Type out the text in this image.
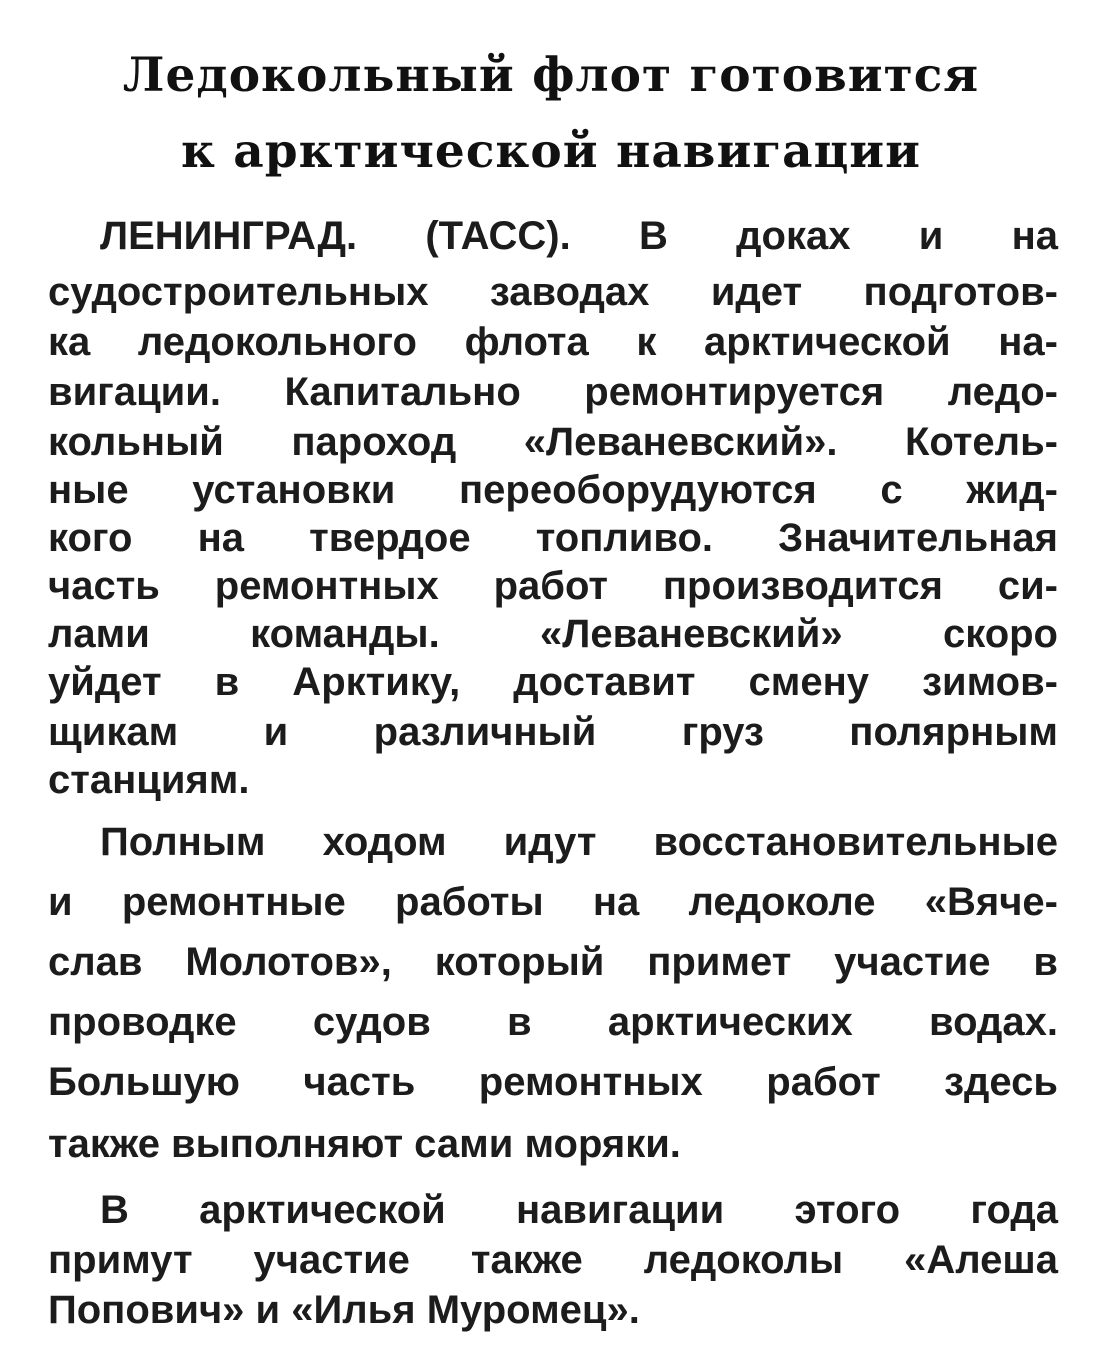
Ледокольный флот готовится
к арктической навигации
ЛЕНИНГРАД. (ТАСС). В доках и на
судостроительных заводах идет подготов-
ка ледокольного флота к арктической на-
вигации. Капитально ремонтируется ледо-
кольный пароход «Леваневский». Котель-
ные установки переоборудуются с жид-
кого на твердое топливо. Значительная
часть ремонтных работ производится си-
лами команды. «Леваневский» скоро
уйдет в Арктику, доставит смену зимов-
щикам и различный груз полярным
станциям.
Полным ходом идут восстановительные
и ремонтные работы на ледоколе «Вяче-
слав Молотов», который примет участие в
проводке судов в арктических водах.
Большую часть ремонтных работ здесь
также выполняют сами моряки.
В арктической навигации этого года
примут участие также ледоколы «Алеша
Попович» и «Илья Муромец».
